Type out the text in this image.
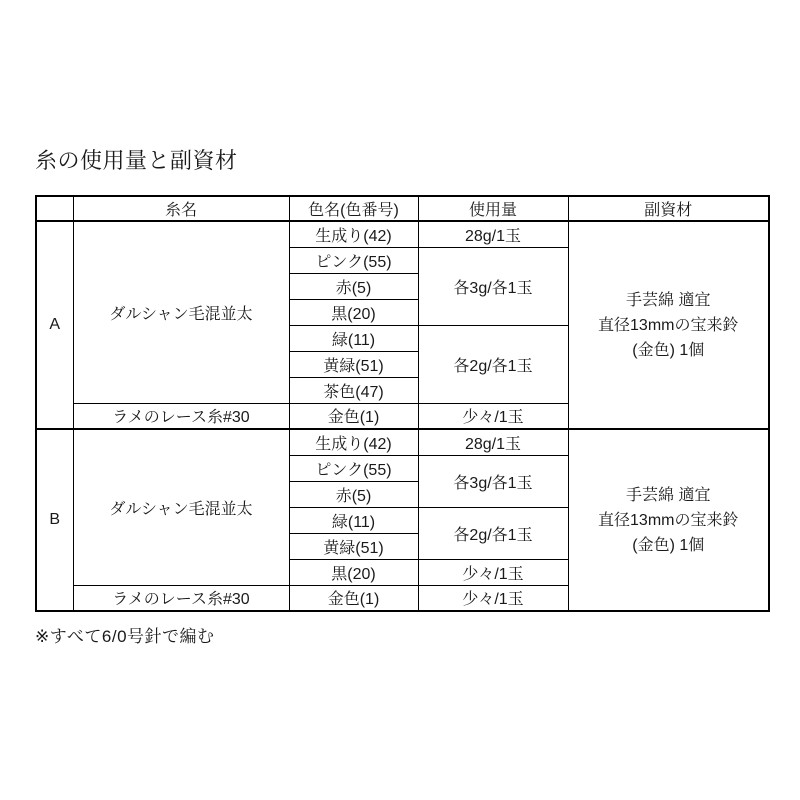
糸の使用量と副資材
	糸名	色名(色番号)	使用量	副資材
A	ダルシャン毛混並太	生成り(42)	28g/1玉	手芸綿 適宜
直径13mmの宝来鈴
(金色) 1個

		ピンク(55)	各3g/各1玉	
		赤(5)		
		黒(20)		
		緑(11)	各2g/各1玉	
		黄緑(51)		
		茶色(47)		
	ラメのレース糸#30	金色(1)	少々/1玉	
B	ダルシャン毛混並太	生成り(42)	28g/1玉	手芸綿 適宜
直径13mmの宝来鈴
(金色) 1個

		ピンク(55)	各3g/各1玉	
		赤(5)		
		緑(11)	各2g/各1玉	
		黄緑(51)		
		黒(20)	少々/1玉	
	ラメのレース糸#30	金色(1)	少々/1玉	
※すべて6/0号針で編む
